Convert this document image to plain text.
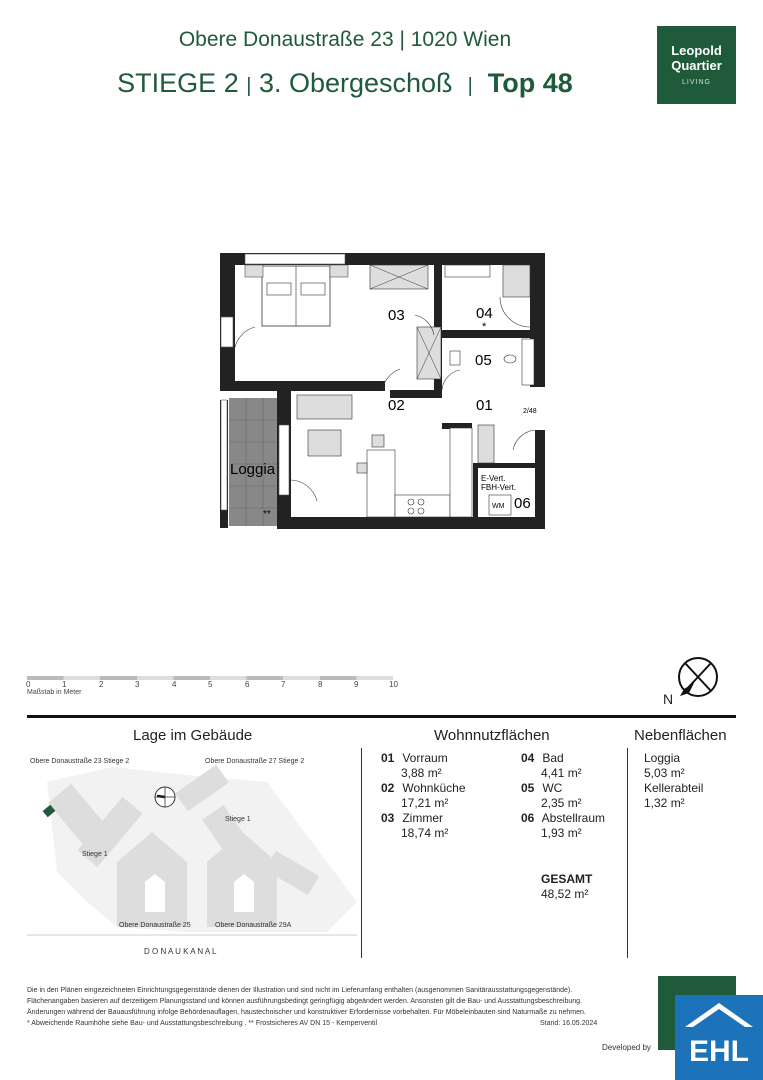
Obere Donaustraße 23 | 1020 Wien
STIEGE 2 | 3. Obergeschoß | Top 48
Leopold
Quartier
LIVING
03	04
*
05
02	01	2/48
Loggia
**
E-Vert.
FBH-Vert.
WM 06
0	1	2	3	4	5	6	7	8	9	10
Maßstab in Meter	N
Lage im Gebäude	Wohnnutzflächen	Nebenflächen
Obere Donaustraße 23 Stiege 2	Obere Donaustraße 27 Stiege 2
Stiege 1
Stiege 1
Obere Donaustraße 25	Obere Donaustraße 29A
D O N A U K A N A L
01 Vorraum
3,88 m²
02 Wohnküche
17,21 m²
03 Zimmer
18,74 m²
04 Bad
4,41 m²
05 WC
2,35 m²
06 Abstellraum
1,93 m²
GESAMT
48,52 m²
Loggia
5,03 m²
Kellerabteil
1,32 m²
Die in den Plänen eingezeichneten Einrichtungsgegenstände dienen der Illustration und sind nicht im Lieferumfang enthalten (ausgenommen Sanitärausstattungsgegenstände).
Flächenangaben basieren auf derzeitigem Planungsstand und können ausführungsbedingt geringfügig abgeändert werden. Ansonsten gilt die Bau- und Ausstattungsbeschreibung.
Änderungen während der Bauausführung infolge Behördenauflagen, haustechnischer und konstruktiver Erfordernisse vorbehalten. Für Möbeleinbauten sind Naturmaße zu nehmen.
* Abweichende Raumhöhe siehe Bau- und Ausstattungsbeschreibung . ** Frostsicheres AV DN 15 - Kemperventil	Stand: 16.05.2024
Developed by EHL
